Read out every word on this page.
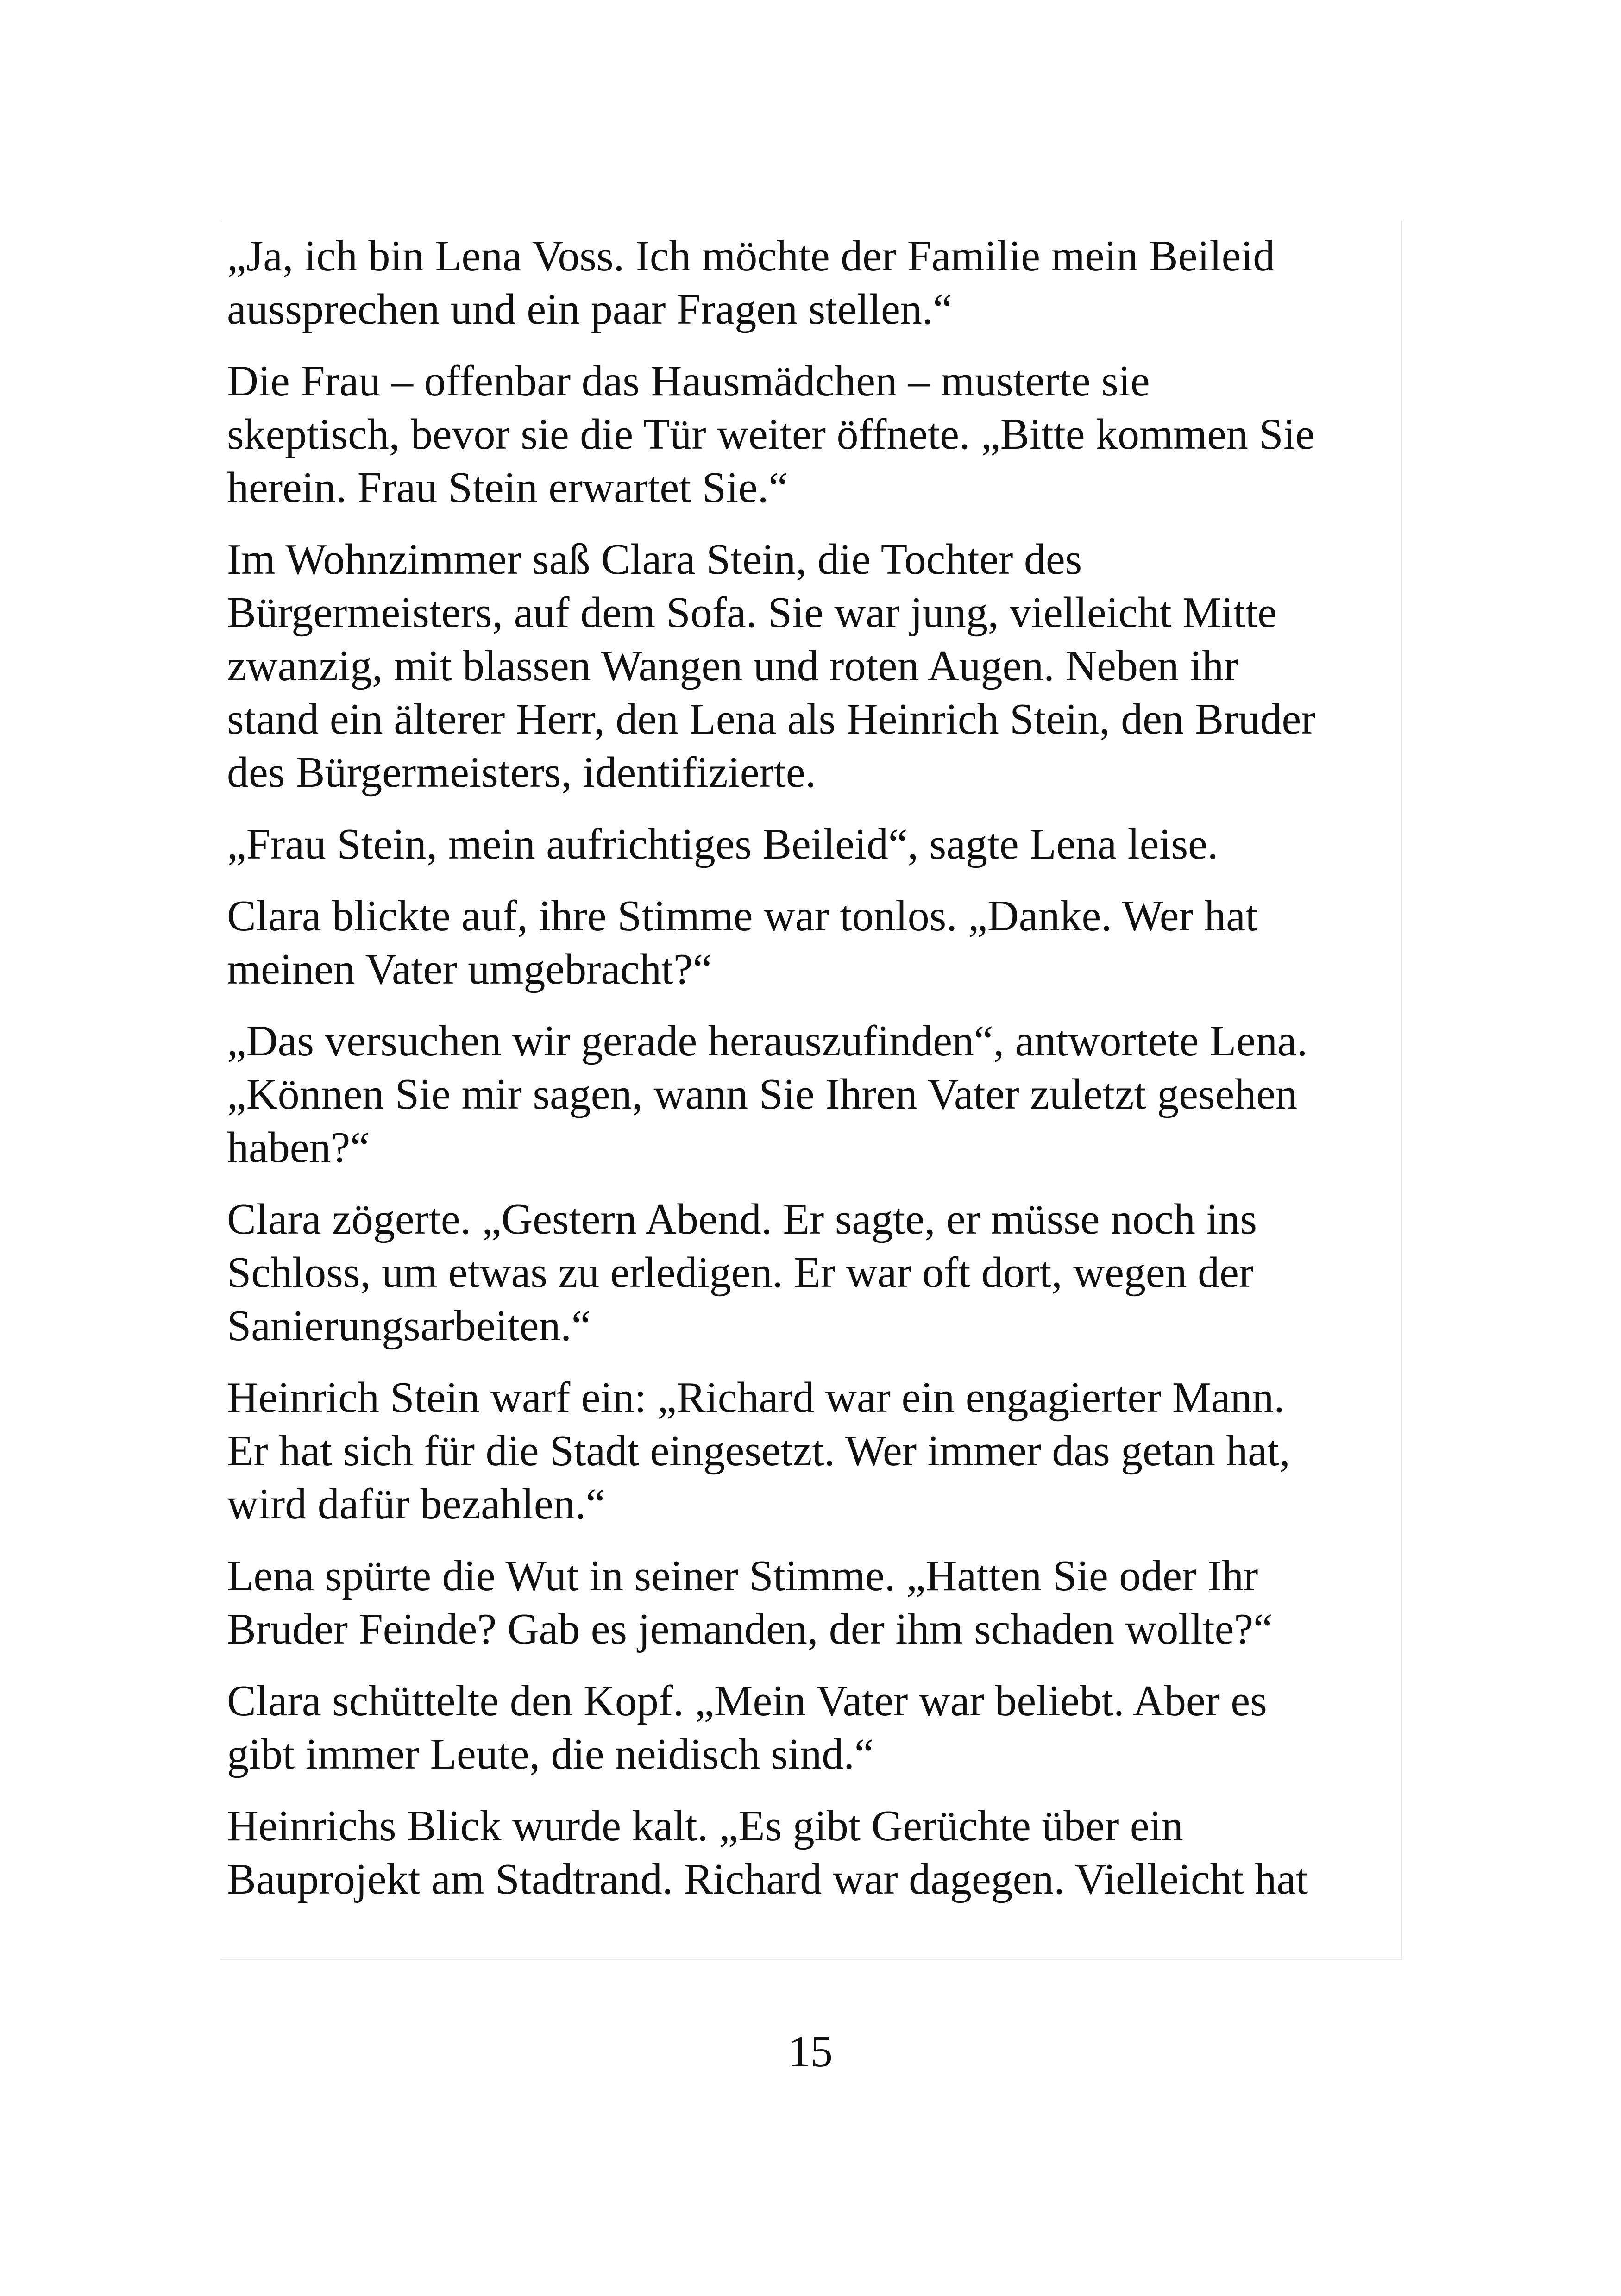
„Ja, ich bin Lena Voss. Ich möchte der Familie mein Beileid
aussprechen und ein paar Fragen stellen.“

Die Frau – offenbar das Hausmädchen – musterte sie
skeptisch, bevor sie die Tür weiter öffnete. „Bitte kommen Sie
herein. Frau Stein erwartet Sie.“

Im Wohnzimmer saß Clara Stein, die Tochter des
Bürgermeisters, auf dem Sofa. Sie war jung, vielleicht Mitte
zwanzig, mit blassen Wangen und roten Augen. Neben ihr
stand ein älterer Herr, den Lena als Heinrich Stein, den Bruder
des Bürgermeisters, identifizierte.

„Frau Stein, mein aufrichtiges Beileid“, sagte Lena leise.

Clara blickte auf, ihre Stimme war tonlos. „Danke. Wer hat
meinen Vater umgebracht?“

„Das versuchen wir gerade herauszufinden“, antwortete Lena.
„Können Sie mir sagen, wann Sie Ihren Vater zuletzt gesehen
haben?“

Clara zögerte. „Gestern Abend. Er sagte, er müsse noch ins
Schloss, um etwas zu erledigen. Er war oft dort, wegen der
Sanierungsarbeiten.“

Heinrich Stein warf ein: „Richard war ein engagierter Mann.
Er hat sich für die Stadt eingesetzt. Wer immer das getan hat,
wird dafür bezahlen.“

Lena spürte die Wut in seiner Stimme. „Hatten Sie oder Ihr
Bruder Feinde? Gab es jemanden, der ihm schaden wollte?“

Clara schüttelte den Kopf. „Mein Vater war beliebt. Aber es
gibt immer Leute, die neidisch sind.“

Heinrichs Blick wurde kalt. „Es gibt Gerüchte über ein
Bauprojekt am Stadtrand. Richard war dagegen. Vielleicht hat

15
